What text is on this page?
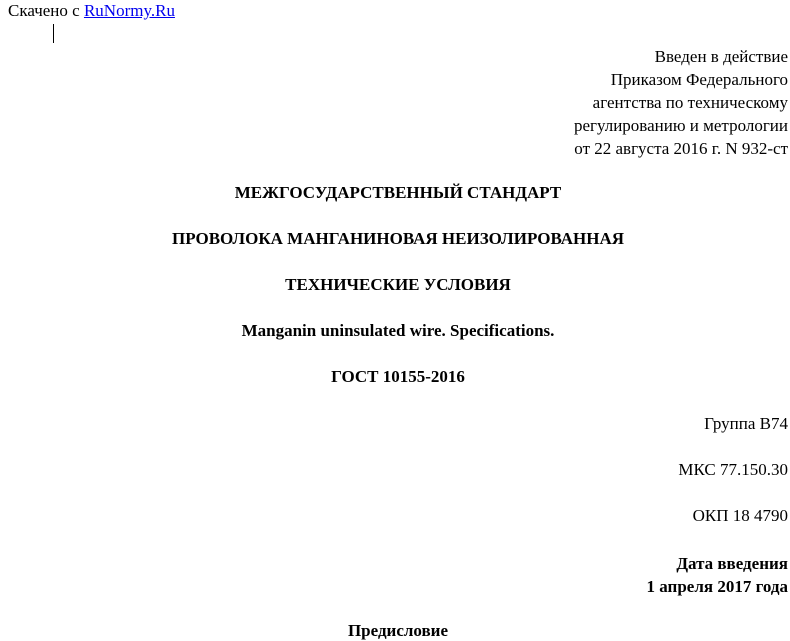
Скачено с RuNormy.Ru
Введен в действие
Приказом Федерального
агентства по техническому
регулированию и метрологии
от 22 августа 2016 г. N 932-ст
МЕЖГОСУДАРСТВЕННЫЙ СТАНДАРТ
ПРОВОЛОКА МАНГАНИНОВАЯ НЕИЗОЛИРОВАННАЯ
ТЕХНИЧЕСКИЕ УСЛОВИЯ
Manganin uninsulated wire. Specifications.
ГОСТ 10155-2016
Группа В74
МКС 77.150.30
ОКП 18 4790
Дата введения
1 апреля 2017 года
Предисловие
